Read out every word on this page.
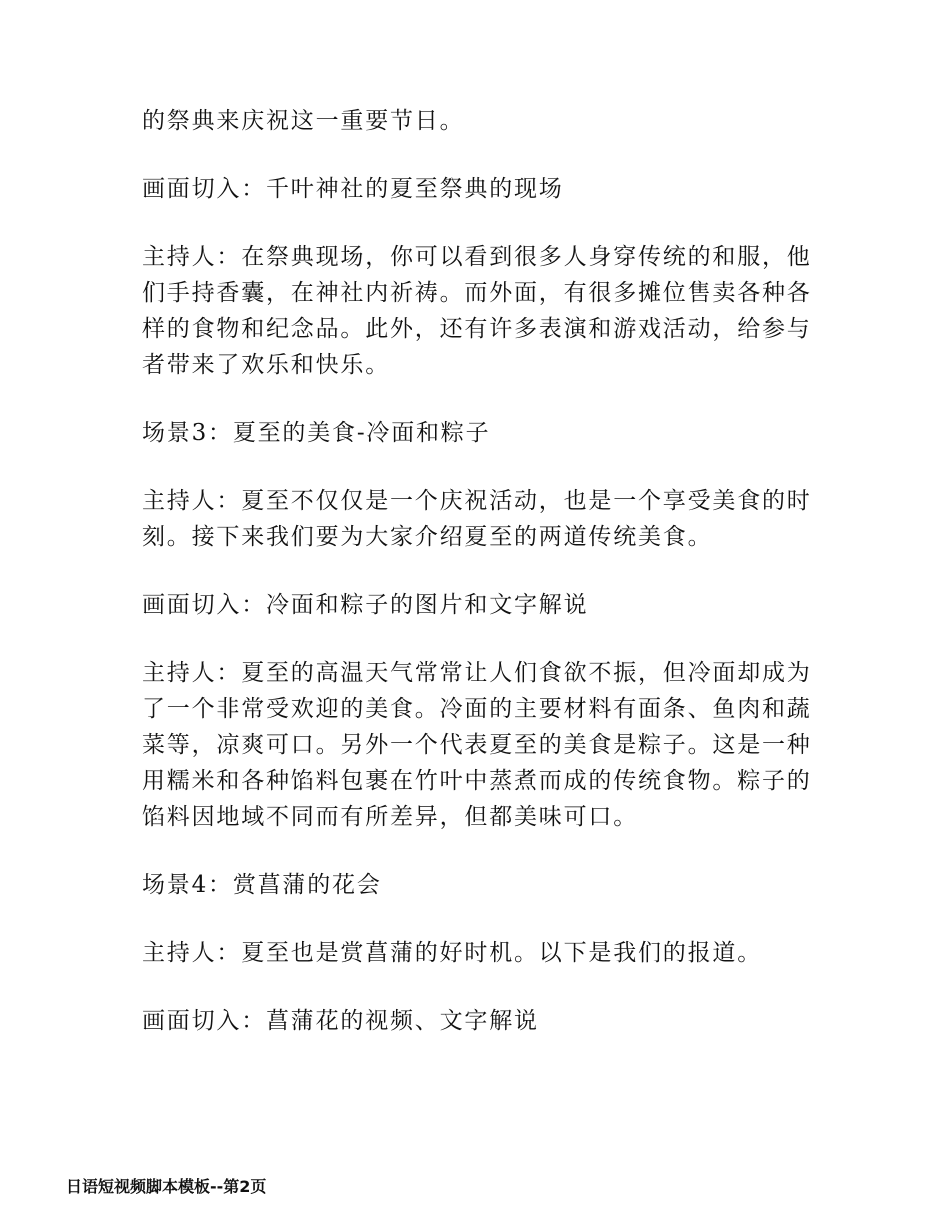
的祭典来庆祝这一重要节日。

画面切入：千叶神社的夏至祭典的现场

主持人：在祭典现场，你可以看到很多人身穿传统的和服，他们手持香囊，在神社内祈祷。而外面，有很多摊位售卖各种各样的食物和纪念品。此外，还有许多表演和游戏活动，给参与者带来了欢乐和快乐。

场景3：夏至的美食-冷面和粽子

主持人：夏至不仅仅是一个庆祝活动，也是一个享受美食的时刻。接下来我们要为大家介绍夏至的两道传统美食。

画面切入：冷面和粽子的图片和文字解说

主持人：夏至的高温天气常常让人们食欲不振，但冷面却成为了一个非常受欢迎的美食。冷面的主要材料有面条、鱼肉和蔬菜等，凉爽可口。另外一个代表夏至的美食是粽子。这是一种用糯米和各种馅料包裹在竹叶中蒸煮而成的传统食物。粽子的馅料因地域不同而有所差异，但都美味可口。

场景4：赏菖蒲的花会

主持人：夏至也是赏菖蒲的好时机。以下是我们的报道。

画面切入：菖蒲花的视频、文字解说

日语短视频脚本模板--第2页
